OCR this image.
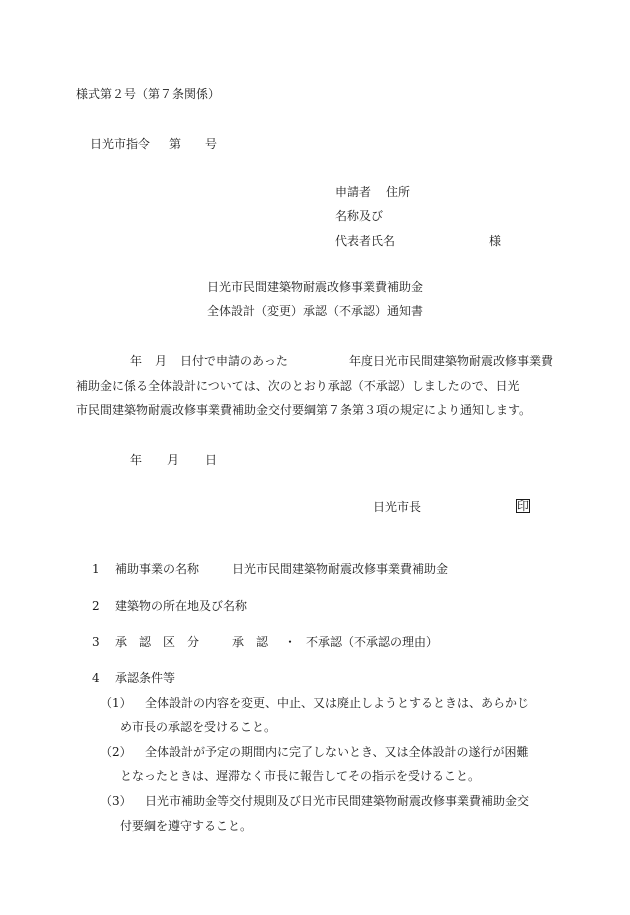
様式第２号（第７条関係）
日光市指令 第 号
申請者 住所
名称及び
代表者氏名	様
日光市民間建築物耐震改修事業費補助金
全体設計（変更）承認（不承認）通知書
年 月 日付で申請のあった	年度日光市民間建築物耐震改修事業費
補助金に係る全体設計については、次のとおり承認（不承認）しましたので、日光
市民間建築物耐震改修事業費補助金交付要綱第７条第３項の規定により通知します。
年 月 日
日光市長	印
1 補助事業の名称	日光市民間建築物耐震改修事業費補助金
2 建築物の所在地及び名称
3 承　認　区　分	承　認 ・ 不承認（不承認の理由）
4 承認条件等
（1） 全体設計の内容を変更、中止、又は廃止しようとするときは、あらかじ
め市長の承認を受けること。
（2） 全体設計が予定の期間内に完了しないとき、又は全体設計の遂行が困難
となったときは、遅滞なく市長に報告してその指示を受けること。
（3） 日光市補助金等交付規則及び日光市民間建築物耐震改修事業費補助金交
付要綱を遵守すること。
